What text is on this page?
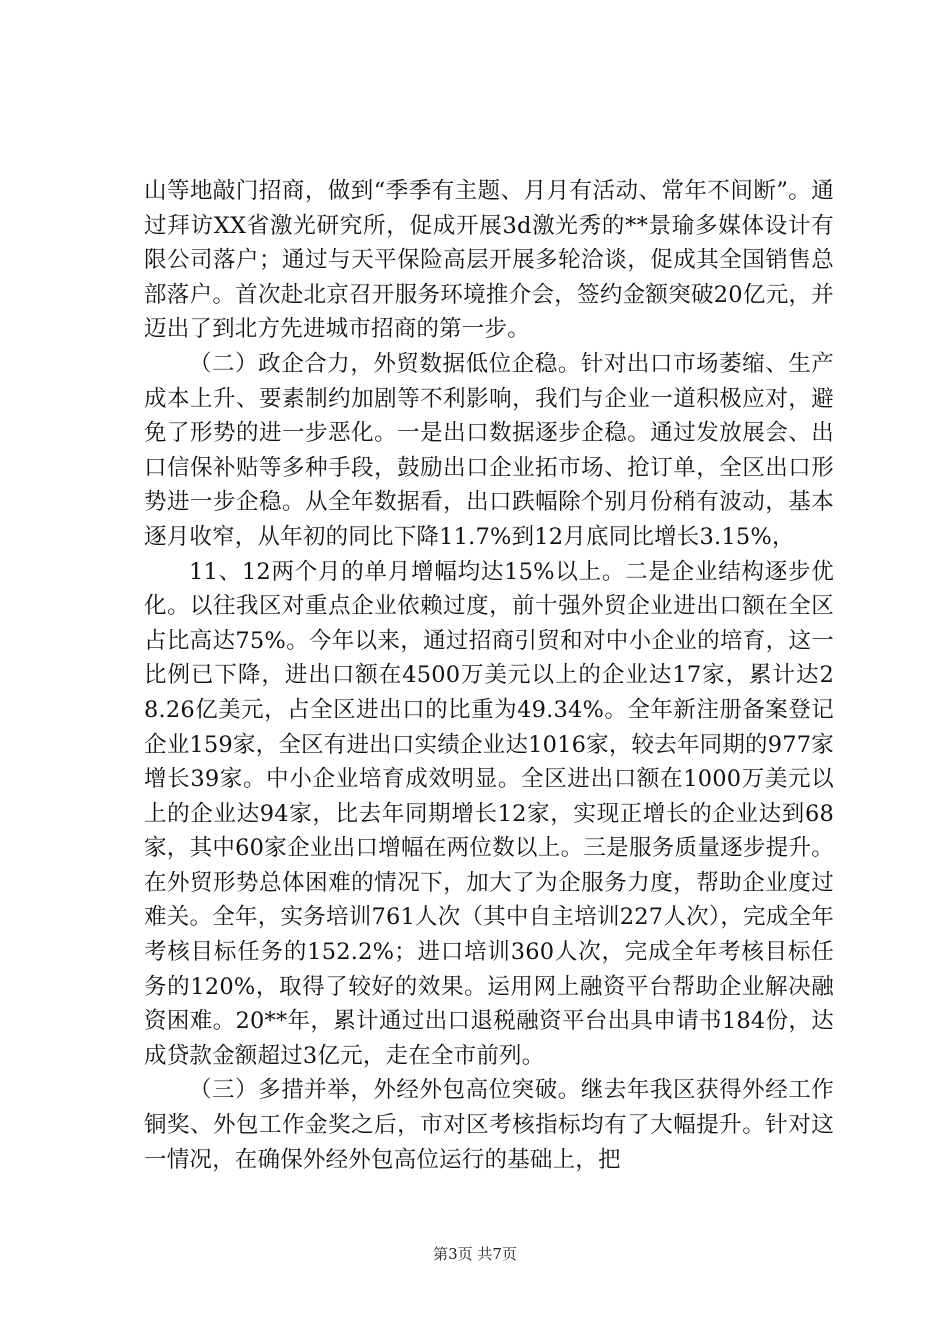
山等地敲门招商，做到“季季有主题、月月有活动、常年不间断”。通过拜访XX省激光研究所，促成开展3d激光秀的**景瑜多媒体设计有限公司落户；通过与天平保险高层开展多轮洽谈，促成其全国销售总部落户。首次赴北京召开服务环境推介会，签约金额突破20亿元，并迈出了到北方先进城市招商的第一步。

（二）政企合力，外贸数据低位企稳。针对出口市场萎缩、生产成本上升、要素制约加剧等不利影响，我们与企业一道积极应对，避免了形势的进一步恶化。一是出口数据逐步企稳。通过发放展会、出口信保补贴等多种手段，鼓励出口企业拓市场、抢订单，全区出口形势进一步企稳。从全年数据看，出口跌幅除个别月份稍有波动，基本逐月收窄，从年初的同比下降11.7%到12月底同比增长3.15%，

11、12两个月的单月增幅均达15%以上。二是企业结构逐步优化。以往我区对重点企业依赖过度，前十强外贸企业进出口额在全区占比高达75%。今年以来，通过招商引贸和对中小企业的培育，这一比例已下降，进出口额在4500万美元以上的企业达17家，累计达28.26亿美元，占全区进出口的比重为49.34%。全年新注册备案登记企业159家，全区有进出口实绩企业达1016家，较去年同期的977家增长39家。中小企业培育成效明显。全区进出口额在1000万美元以上的企业达94家，比去年同期增长12家，实现正增长的企业达到68家，其中60家企业出口增幅在两位数以上。三是服务质量逐步提升。在外贸形势总体困难的情况下，加大了为企服务力度，帮助企业度过难关。全年，实务培训761人次（其中自主培训227人次），完成全年考核目标任务的152.2%；进口培训360人次，完成全年考核目标任务的120%，取得了较好的效果。运用网上融资平台帮助企业解决融资困难。20**年，累计通过出口退税融资平台出具申请书184份，达成贷款金额超过3亿元，走在全市前列。

（三）多措并举，外经外包高位突破。继去年我区获得外经工作铜奖、外包工作金奖之后，市对区考核指标均有了大幅提升。针对这一情况，在确保外经外包高位运行的基础上，把

第3页 共7页
